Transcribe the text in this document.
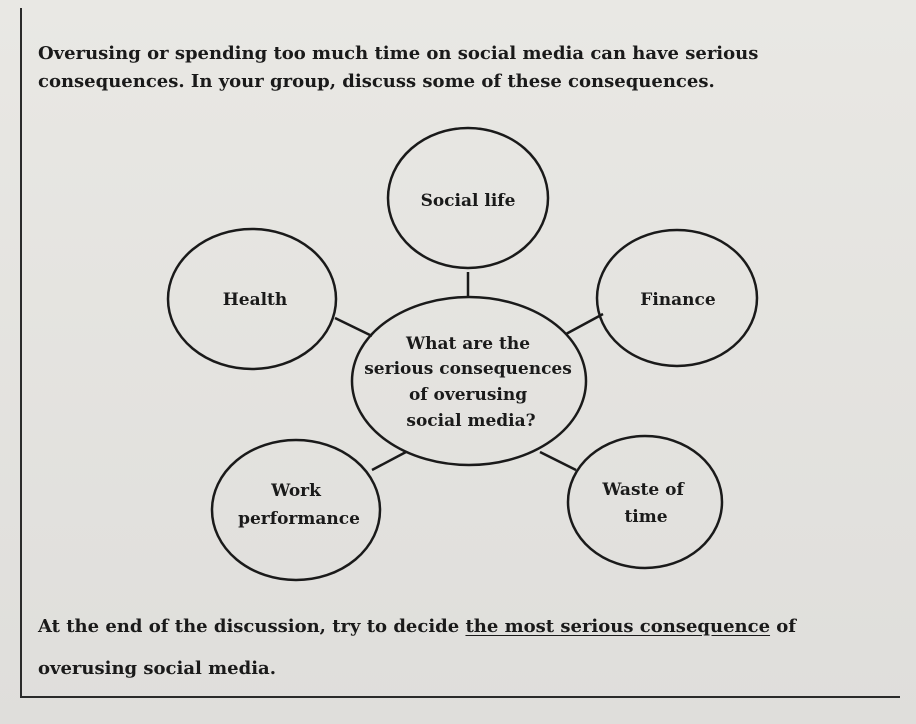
Overusing or spending too much time on social media can have serious consequences. In your group, discuss some of these consequences.

Social life
Health	Finance
What are the serious consequences of overusing social media?
Work performance
Waste of time

At the end of the discussion, try to decide the most serious consequence of overusing social media.
